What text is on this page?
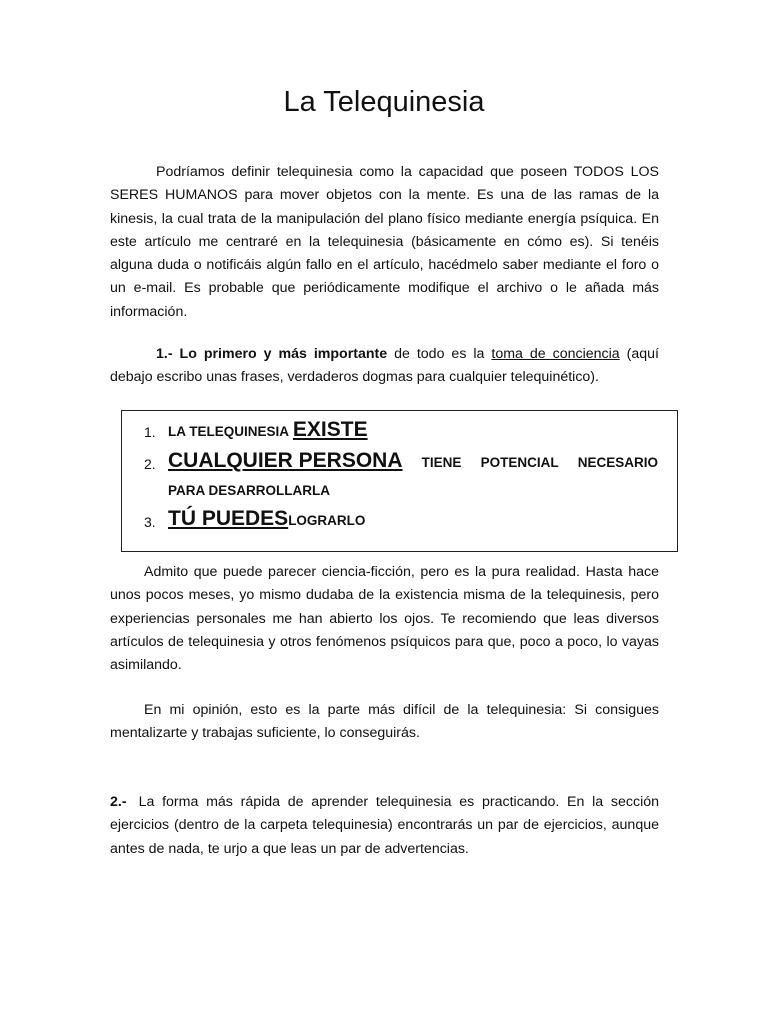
La Telequinesia

Podríamos definir telequinesia como la capacidad que poseen TODOS LOS SERES HUMANOS para mover objetos con la mente. Es una de las ramas de la kinesis, la cual trata de la manipulación del plano físico mediante energía psíquica. En este artículo me centraré en la telequinesia (básicamente en cómo es). Si tenéis alguna duda o notificáis algún fallo en el artículo, hacédmelo saber mediante el foro o un e-mail. Es probable que periódicamente modifique el archivo o le añada más información.

1.- Lo primero y más importante de todo es la toma de conciencia (aquí debajo escribo unas frases, verdaderos dogmas para cualquier telequinético).

1. LA TELEQUINESIA EXISTE
2. CUALQUIER PERSONA TIENE POTENCIAL NECESARIO
PARA DESARROLLARLA
3. TÚ PUEDESLOGRARLO

Admito que puede parecer ciencia-ficción, pero es la pura realidad. Hasta hace unos pocos meses, yo mismo dudaba de la existencia misma de la telequinesis, pero experiencias personales me han abierto los ojos. Te recomiendo que leas diversos artículos de telequinesia y otros fenómenos psíquicos para que, poco a poco, lo vayas asimilando.

En mi opinión, esto es la parte más difícil de la telequinesia: Si consigues mentalizarte y trabajas suficiente, lo conseguirás.

2.- La forma más rápida de aprender telequinesia es practicando. En la sección ejercicios (dentro de la carpeta telequinesia) encontrarás un par de ejercicios, aunque antes de nada, te urjo a que leas un par de advertencias.
